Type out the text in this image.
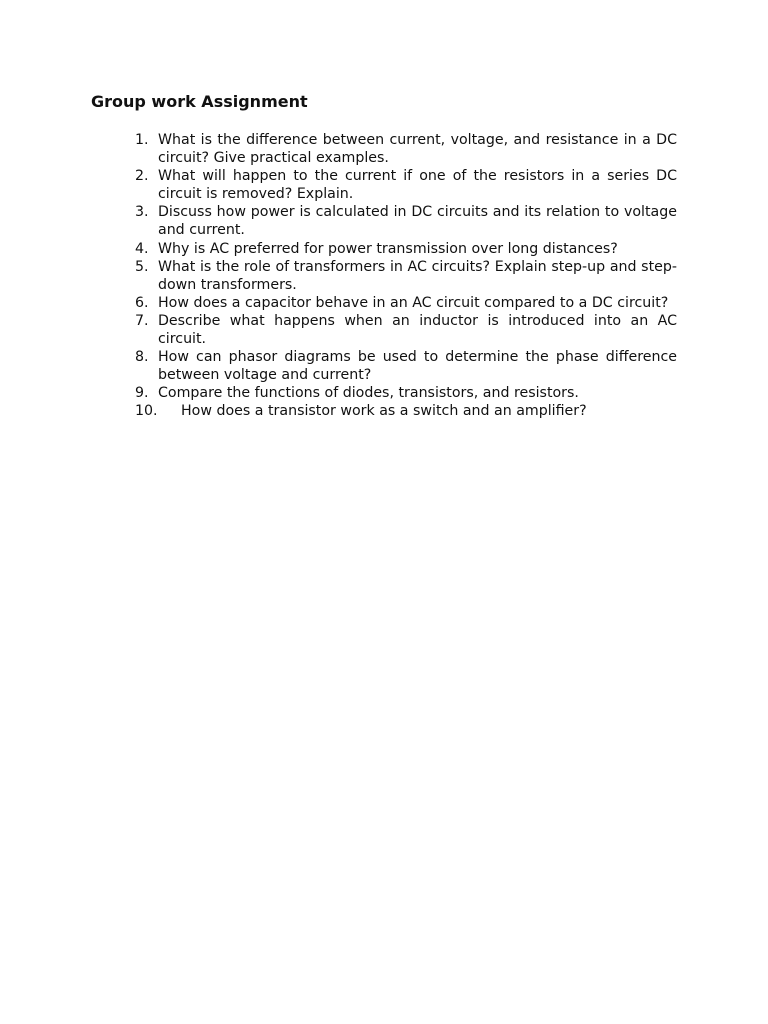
Group work Assignment
1. What is the difference between current, voltage, and resistance in a DC circuit? Give practical examples.
2. What will happen to the current if one of the resistors in a series DC circuit is removed? Explain.
3. Discuss how power is calculated in DC circuits and its relation to voltage and current.
4. Why is AC preferred for power transmission over long distances?
5. What is the role of transformers in AC circuits? Explain step-up and step-down transformers.
6. How does a capacitor behave in an AC circuit compared to a DC circuit?
7. Describe what happens when an inductor is introduced into an AC circuit.
8. How can phasor diagrams be used to determine the phase difference between voltage and current?
9. Compare the functions of diodes, transistors, and resistors.
10.	How does a transistor work as a switch and an amplifier?
